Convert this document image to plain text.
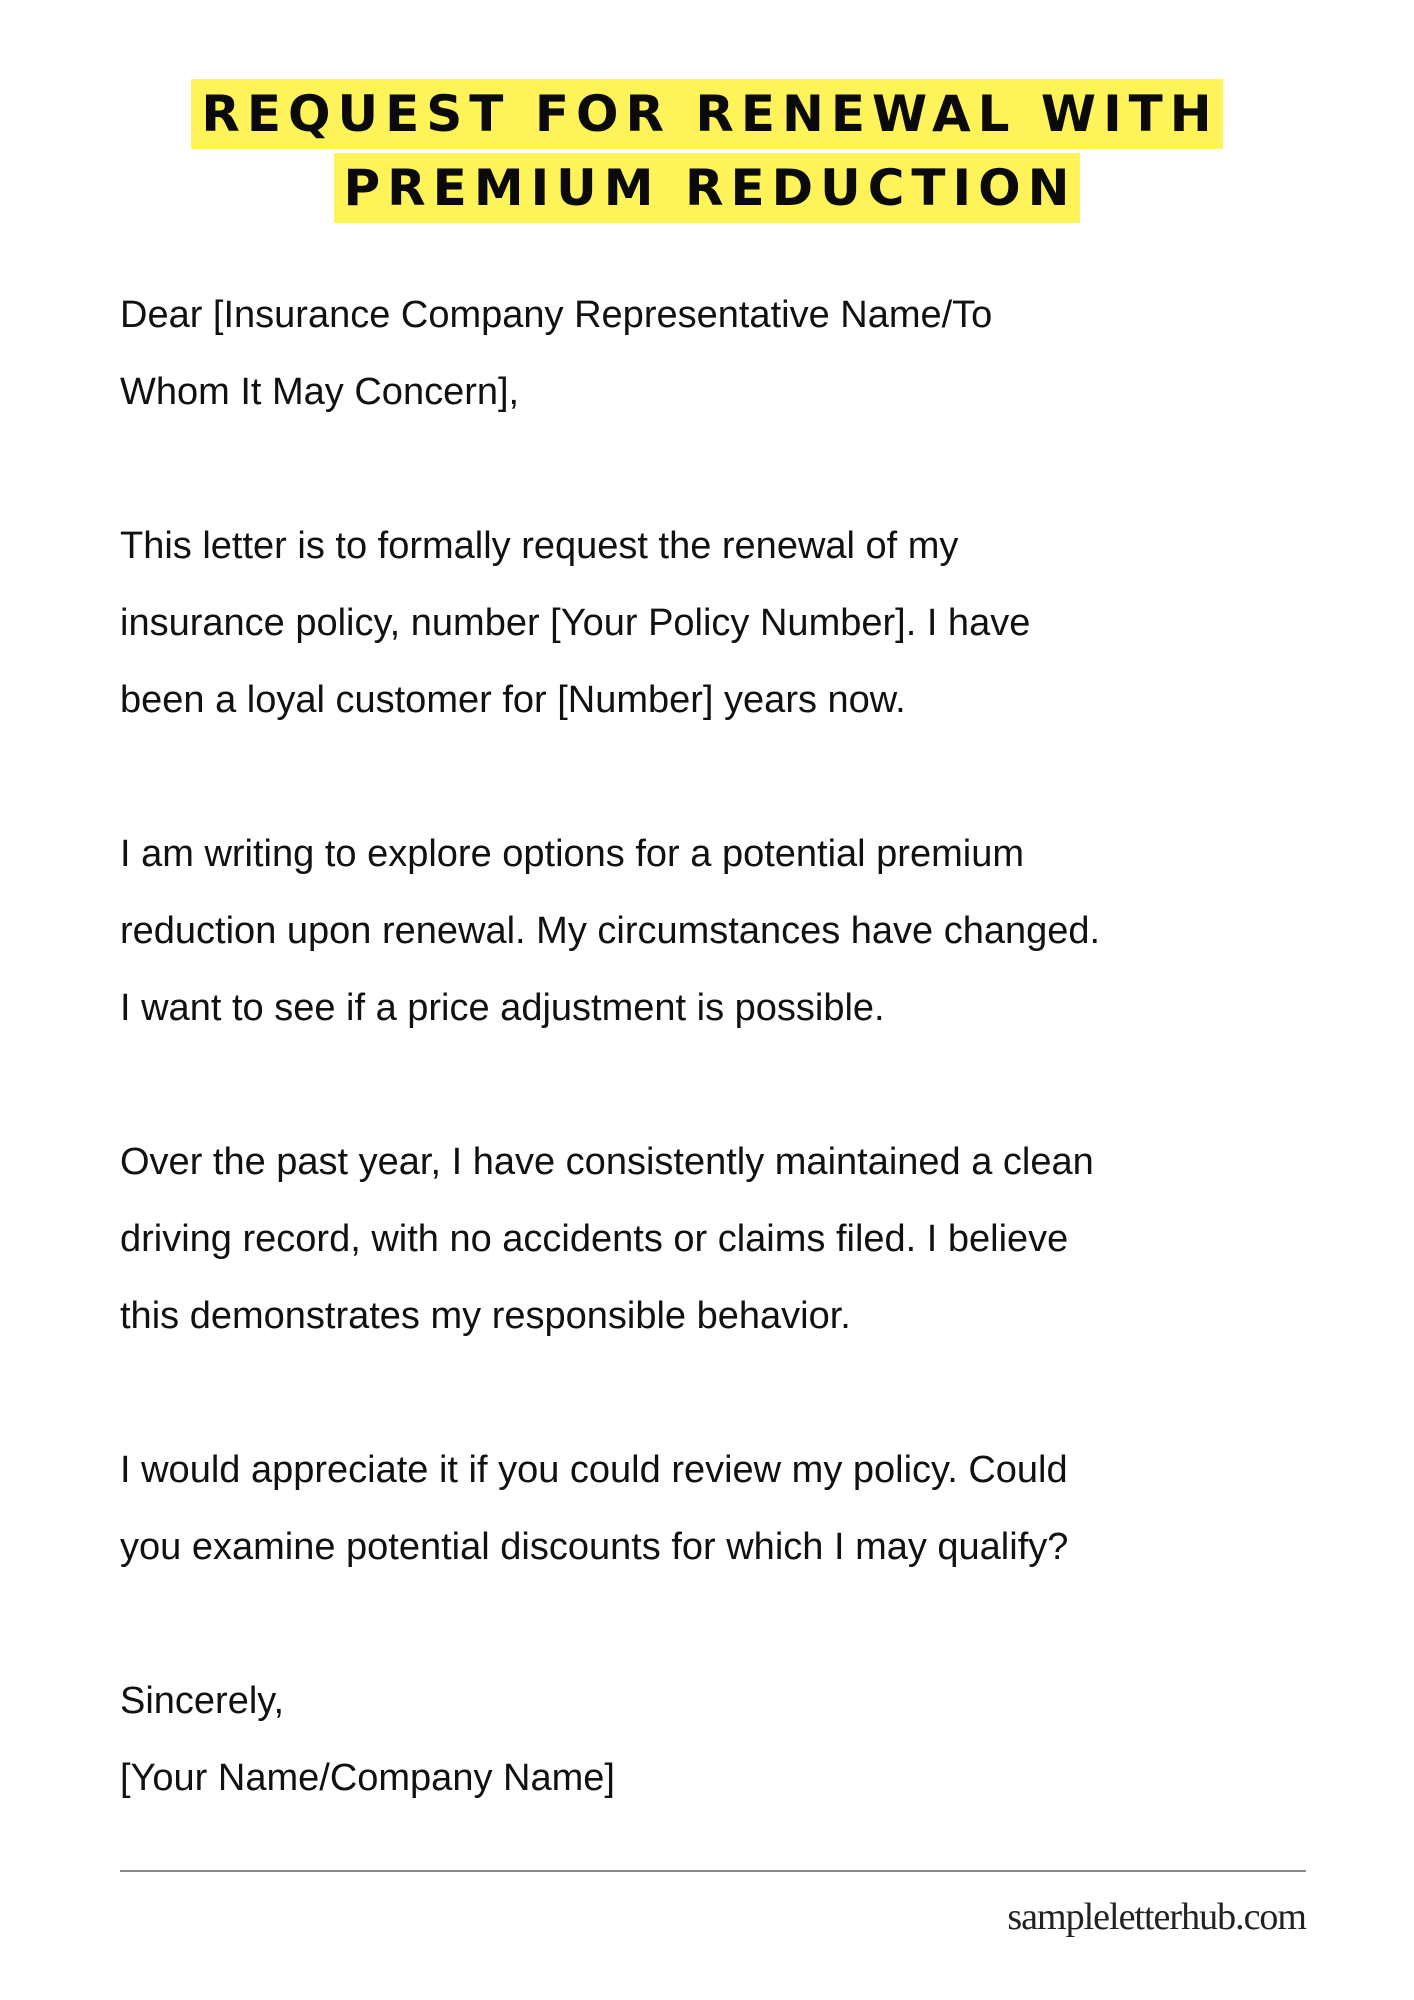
REQUEST FOR RENEWAL WITH
PREMIUM REDUCTION
Dear [Insurance Company Representative Name/To
Whom It May Concern],
This letter is to formally request the renewal of my
insurance policy, number [Your Policy Number]. I have
been a loyal customer for [Number] years now.
I am writing to explore options for a potential premium
reduction upon renewal. My circumstances have changed.
I want to see if a price adjustment is possible.
Over the past year, I have consistently maintained a clean
driving record, with no accidents or claims filed. I believe
this demonstrates my responsible behavior.
I would appreciate it if you could review my policy. Could
you examine potential discounts for which I may qualify?
Sincerely,
[Your Name/Company Name]
sampleletterhub.com
